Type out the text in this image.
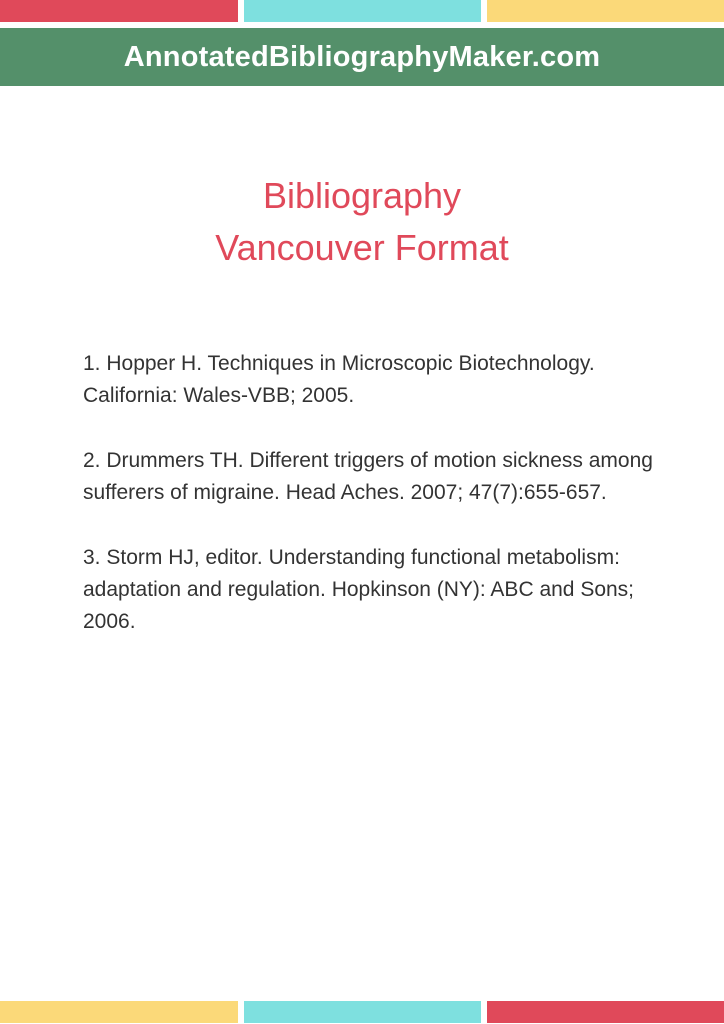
AnnotatedBibliographyMaker.com
Bibliography
Vancouver Format

1. Hopper H. Techniques in Microscopic Biotechnology. California: Wales-VBB; 2005.

2. Drummers TH. Different triggers of motion sickness among sufferers of migraine. Head Aches. 2007; 47(7):655-657.

3. Storm HJ, editor. Understanding functional metabolism: adaptation and regulation. Hopkinson (NY): ABC and Sons; 2006.
